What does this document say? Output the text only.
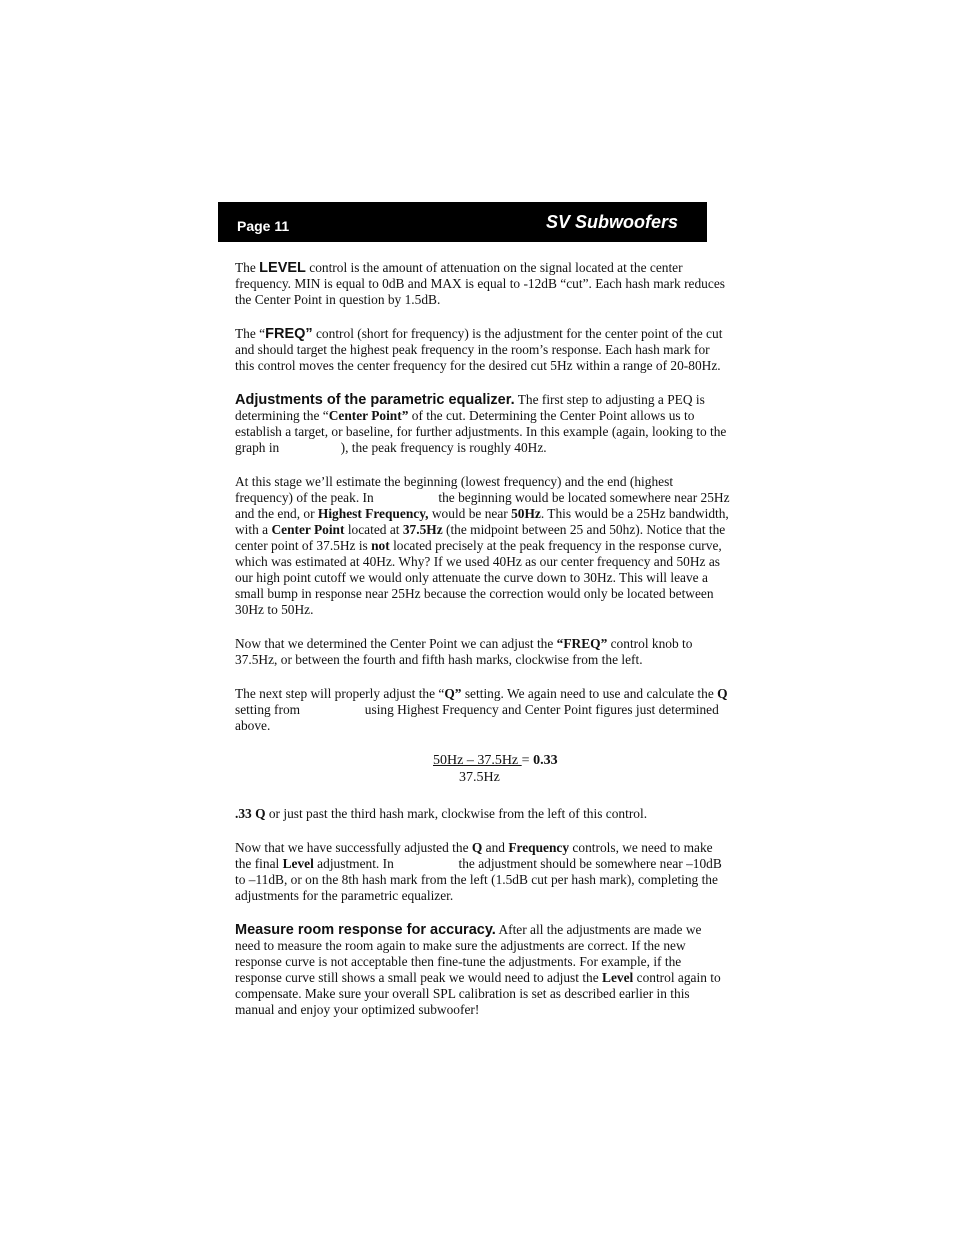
Page 11	SV Subwoofers

The LEVEL control is the amount of attenuation on the signal located at the center frequency. MIN is equal to 0dB and MAX is equal to -12dB “cut”. Each hash mark reduces the Center Point in question by 1.5dB.

The “FREQ” control (short for frequency) is the adjustment for the center point of the cut and should target the highest peak frequency in the room’s response. Each hash mark for this control moves the center frequency for the desired cut 5Hz within a range of 20-80Hz.

Adjustments of the parametric equalizer. The first step to adjusting a PEQ is determining the “Center Point” of the cut. Determining the Center Point allows us to establish a target, or baseline, for further adjustments. In this example (again, looking to the graph in	), the peak frequency is roughly 40Hz.

At this stage we’ll estimate the beginning (lowest frequency) and the end (highest frequency) of the peak. In	the beginning would be located somewhere near 25Hz and the end, or Highest Frequency, would be near 50Hz. This would be a 25Hz bandwidth, with a Center Point located at 37.5Hz (the midpoint between 25 and 50hz). Notice that the center point of 37.5Hz is not located precisely at the peak frequency in the response curve, which was estimated at 40Hz. Why? If we used 40Hz as our center frequency and 50Hz as our high point cutoff we would only attenuate the curve down to 30Hz. This will leave a small bump in response near 25Hz because the correction would only be located between 30Hz to 50Hz.

Now that we determined the Center Point we can adjust the “FREQ” control knob to 37.5Hz, or between the fourth and fifth hash marks, clockwise from the left.

The next step will properly adjust the “Q” setting. We again need to use and calculate the Q setting from	using Highest Frequency and Center Point figures just determined above.

50Hz – 37.5Hz = 0.33
37.5Hz

.33 Q or just past the third hash mark, clockwise from the left of this control.

Now that we have successfully adjusted the Q and Frequency controls, we need to make the final Level adjustment. In	the adjustment should be somewhere near –10dB to –11dB, or on the 8th hash mark from the left (1.5dB cut per hash mark), completing the adjustments for the parametric equalizer.

Measure room response for accuracy. After all the adjustments are made we need to measure the room again to make sure the adjustments are correct. If the new response curve is not acceptable then fine-tune the adjustments. For example, if the response curve still shows a small peak we would need to adjust the Level control again to compensate. Make sure your overall SPL calibration is set as described earlier in this manual and enjoy your optimized subwoofer!
